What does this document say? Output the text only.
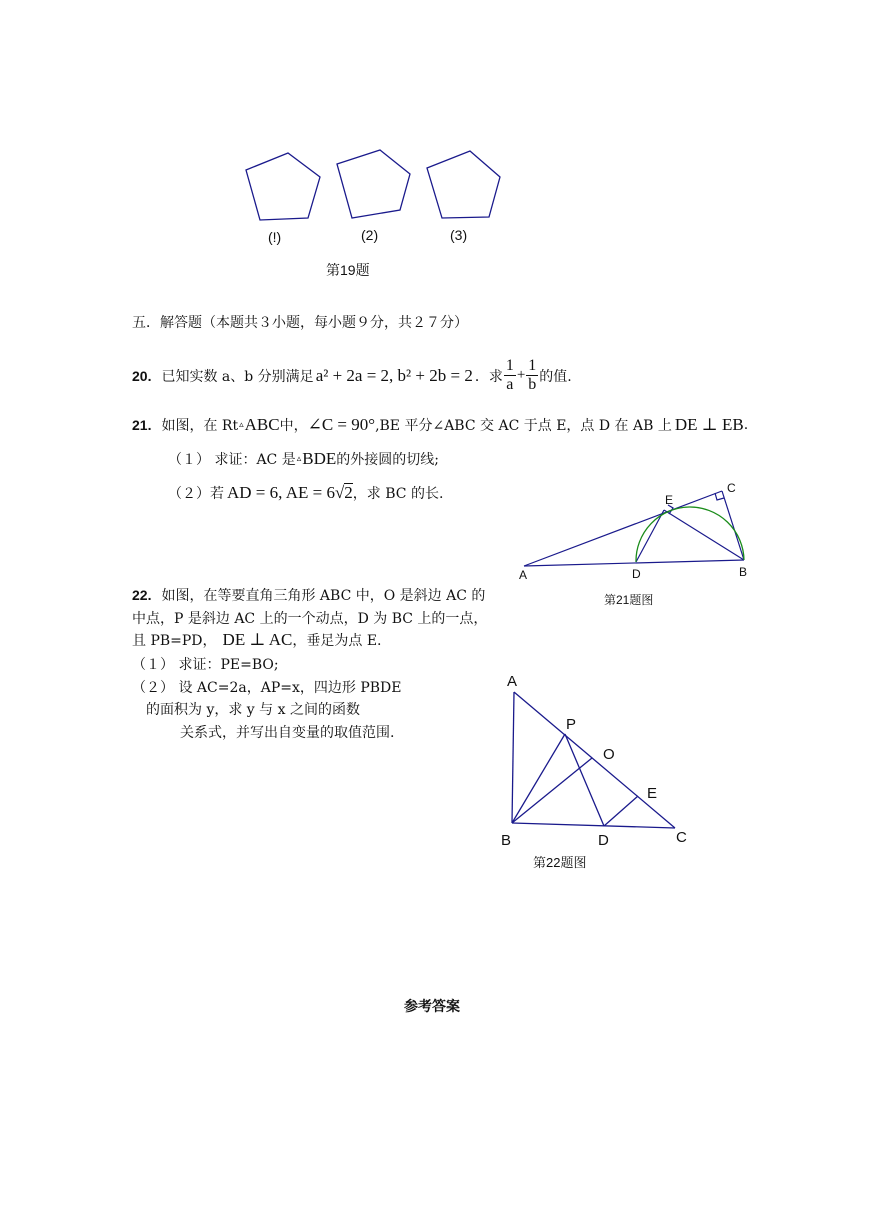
(!)	(2)	(3)
第19题
五．解答题（本题共３小题，每小题９分，共２７分）
20. 已知实数 a、b 分别满足 a² + 2a = 2, b² + 2b = 2 ．求 $\frac{1}{a} + \frac{1}{b}$ 的值.
21. 如图，在 Rt ▵ ABC 中， ∠C = 90° ,BE 平分∠ABC 交 AC 于点 E，点 D 在 AB 上 DE ⊥ EB .
（１） 求证：AC 是 ▵ BDE 的外接圆的切线;
（２）若 AD = 6, AE = 6 √ 2 ，求 BC 的长.
A	D	B
C
E
第21题图
22. 如图，在等要直角三角形 ABC 中，O 是斜边 AC 的
中点，P 是斜边 AC 上的一个动点，D 为 BC 上的一点，
且 PB=PD， DE ⊥ AC ，垂足为点 E.
（１） 求证：PE=BO;
（２） 设 AC=2a，AP=x，四边形 PBDE
的面积为 y，求 y 与 x 之间的函数
关系式，并写出自变量的取值范围.
A
P
O
E
B	D	C
第22题图
参考答案
